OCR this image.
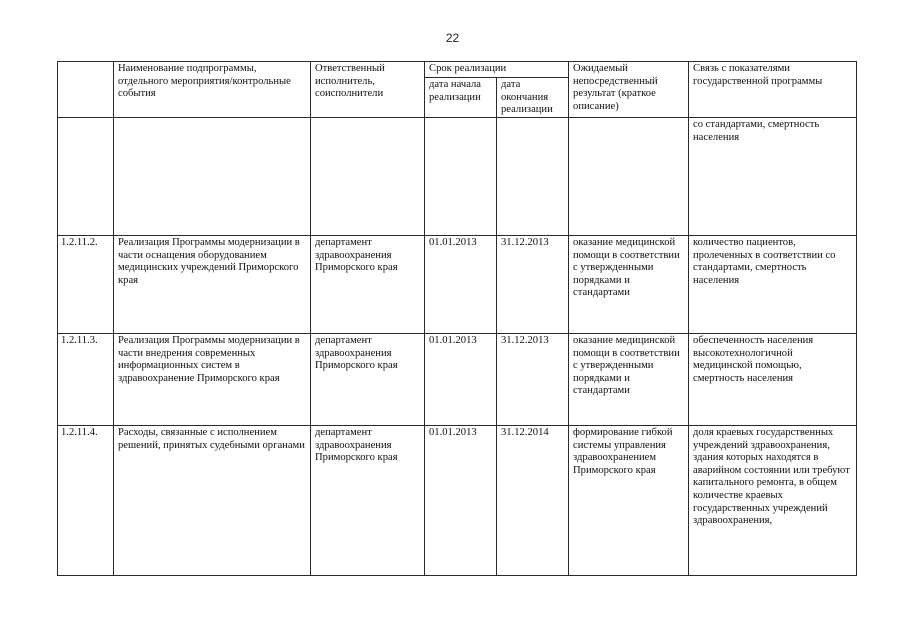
22
	Наименование подпрограммы, отдельного мероприятия/контрольные события	Ответственный исполнитель, соисполнители	Срок реализации		Ожидаемый непосредственный результат (краткое описание)	Связь с показателями государственной программы
			дата начала реализации	дата окончания реализации		
						со стандартами, смертность населения
1.2.11.2.	Реализация Программы модернизации в части оснащения оборудованием медицинских учреждений Приморского края	департамент здравоохранения Приморского края	01.01.2013	31.12.2013	оказание медицинской помощи в соответствии с утвержденными порядками и стандартами	количество пациентов, пролеченных в соответствии со стандартами, смертность населения
1.2.11.3.	Реализация Программы модернизации в части внедрения современных информационных систем в здравоохранение Приморского края	департамент здравоохранения Приморского края	01.01.2013	31.12.2013	оказание медицинской помощи в соответствии с утвержденными порядками и стандартами	обеспеченность населения высокотехнологичной медицинской помощью, смертность населения
1.2.11.4.	Расходы, связанные с исполнением решений, принятых судебными органами	департамент здравоохранения Приморского края	01.01.2013	31.12.2014	формирование гибкой системы управления здравоохранением Приморского края	доля краевых государственных учреждений здравоохранения, здания которых находятся в аварийном состоянии или требуют капитального ремонта, в общем количестве краевых государственных учреждений здравоохранения,
